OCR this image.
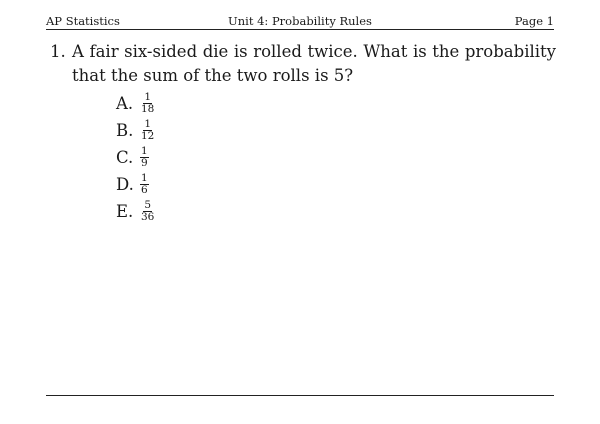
AP Statistics	Unit 4: Probability Rules	Page 1
1. A fair six-sided die is rolled twice. What is the probability that the sum of the two rolls is 5?
A. $\frac{1}{18}$
B. $\frac{1}{12}$
C. $\frac{1}{9}$
D. $\frac{1}{6}$
E. $\frac{5}{36}$
